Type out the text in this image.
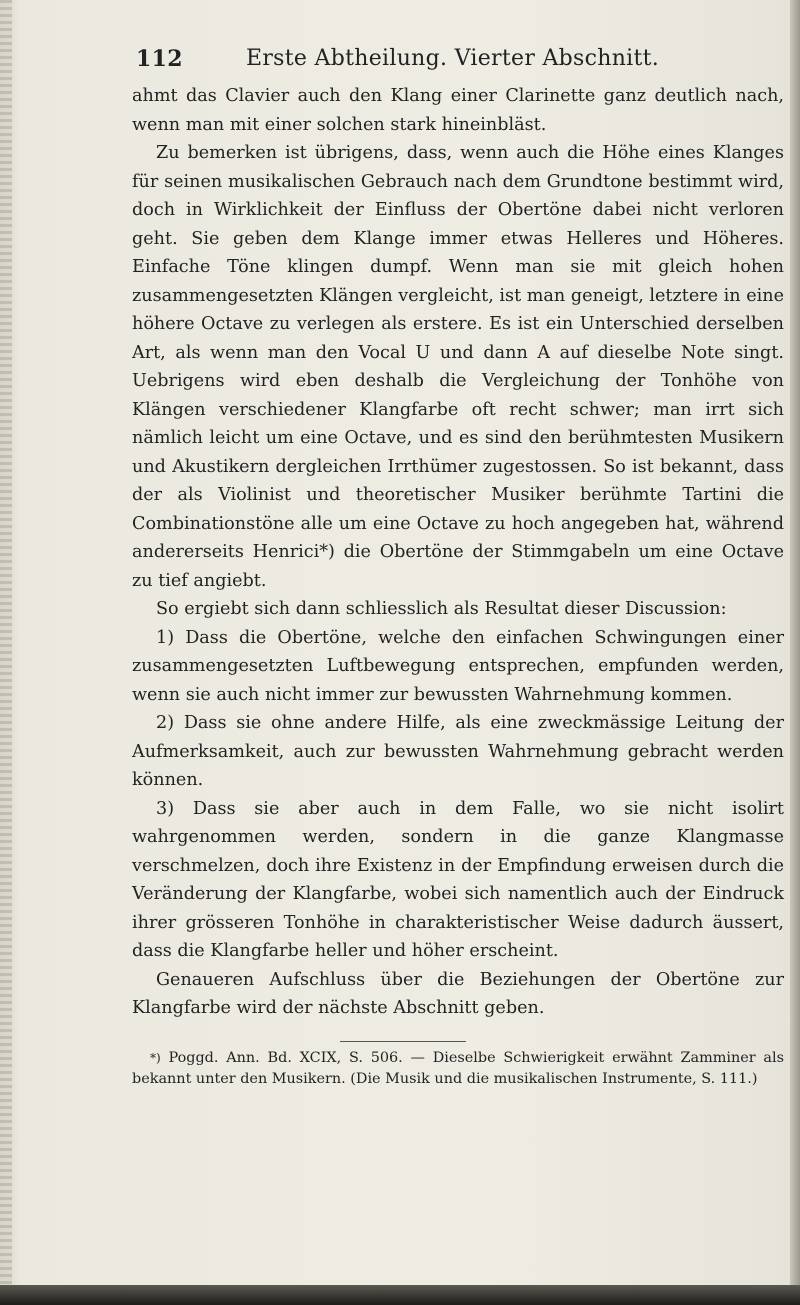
112	Erste Abtheilung. Vierter Abschnitt.

ahmt das Clavier auch den Klang einer Clarinette ganz deutlich nach, wenn man mit einer solchen stark hineinbläst.

Zu bemerken ist übrigens, dass, wenn auch die Höhe eines Klanges für seinen musikalischen Gebrauch nach dem Grundtone bestimmt wird, doch in Wirklichkeit der Einfluss der Obertöne dabei nicht verloren geht. Sie geben dem Klange immer etwas Helleres und Höheres. Einfache Töne klingen dumpf. Wenn man sie mit gleich hohen zusammengesetzten Klängen vergleicht, ist man geneigt, letztere in eine höhere Octave zu verlegen als erstere. Es ist ein Unterschied derselben Art, als wenn man den Vocal U und dann A auf dieselbe Note singt. Uebrigens wird eben deshalb die Vergleichung der Tonhöhe von Klängen verschiedener Klangfarbe oft recht schwer; man irrt sich nämlich leicht um eine Octave, und es sind den berühmtesten Musikern und Akustikern dergleichen Irrthümer zugestossen. So ist bekannt, dass der als Violinist und theoretischer Musiker berühmte Tartini die Combinationstöne alle um eine Octave zu hoch angegeben hat, während andererseits Henrici*) die Obertöne der Stimmgabeln um eine Octave zu tief angiebt.

So ergiebt sich dann schliesslich als Resultat dieser Discussion:

1) Dass die Obertöne, welche den einfachen Schwingungen einer zusammengesetzten Luftbewegung entsprechen, empfunden werden, wenn sie auch nicht immer zur bewussten Wahrnehmung kommen.

2) Dass sie ohne andere Hilfe, als eine zweckmässige Leitung der Aufmerksamkeit, auch zur bewussten Wahrnehmung gebracht werden können.

3) Dass sie aber auch in dem Falle, wo sie nicht isolirt wahrgenommen werden, sondern in die ganze Klangmasse verschmelzen, doch ihre Existenz in der Empfindung erweisen durch die Veränderung der Klangfarbe, wobei sich namentlich auch der Eindruck ihrer grösseren Tonhöhe in charakteristischer Weise dadurch äussert, dass die Klangfarbe heller und höher erscheint.

Genaueren Aufschluss über die Beziehungen der Obertöne zur Klangfarbe wird der nächste Abschnitt geben.

*) Poggd. Ann. Bd. XCIX, S. 506. — Dieselbe Schwierigkeit erwähnt Zamminer als bekannt unter den Musikern. (Die Musik und die musikalischen Instrumente, S. 111.)
